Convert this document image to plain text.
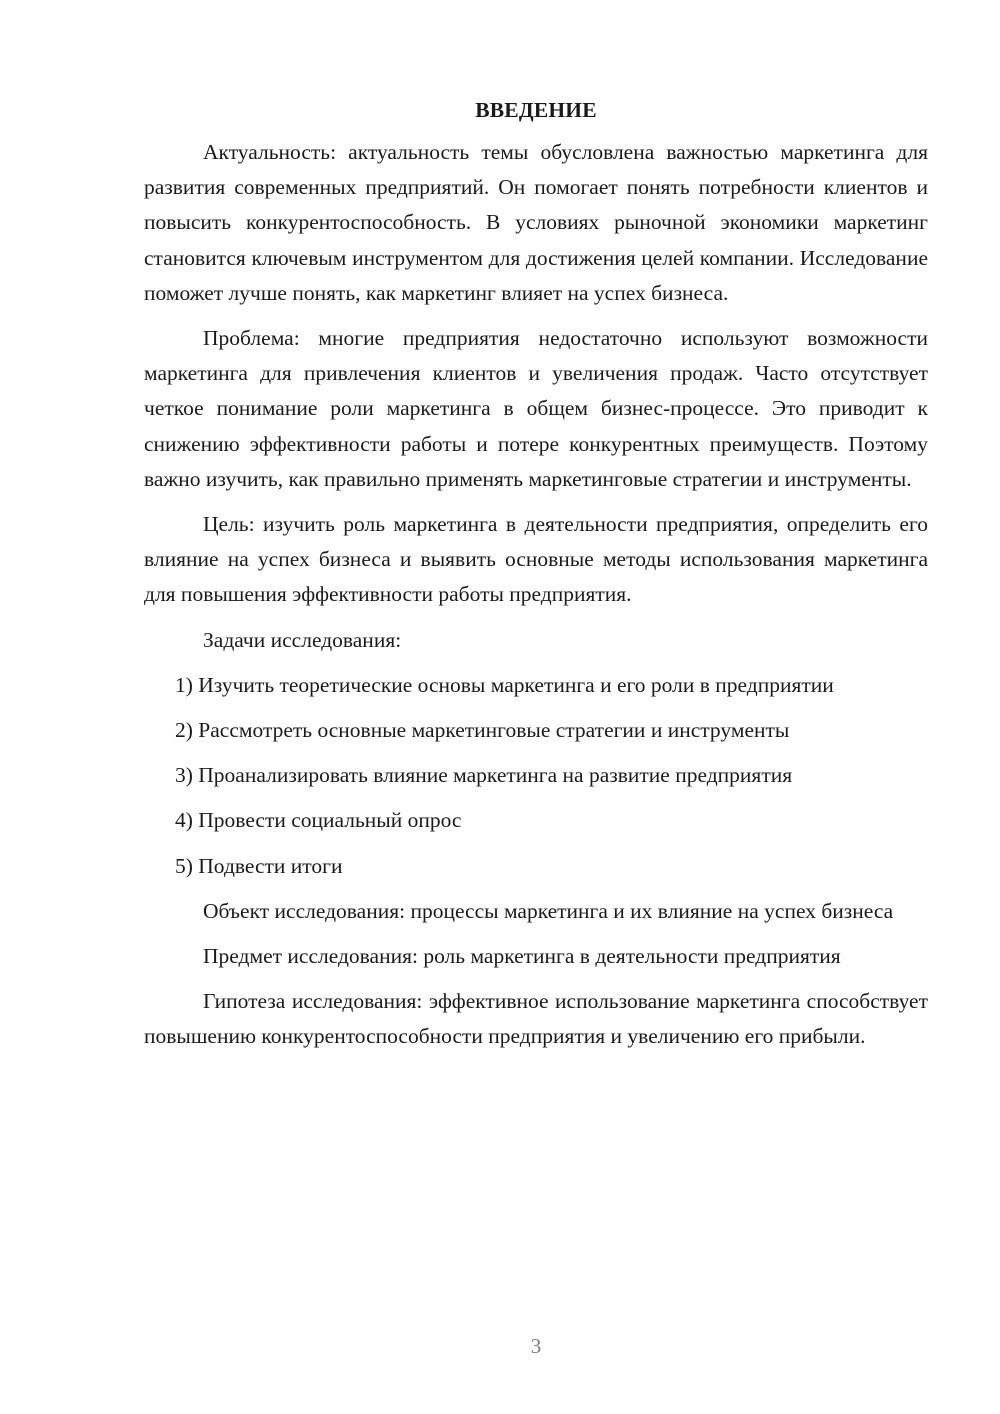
ВВЕДЕНИЕ

Актуальность: актуальность темы обусловлена важностью маркетинга для развития современных предприятий. Он помогает понять потребности клиентов и повысить конкурентоспособность. В условиях рыночной экономики маркетинг становится ключевым инструментом для достижения целей компании. Исследование поможет лучше понять, как маркетинг влияет на успех бизнеса.

Проблема: многие предприятия недостаточно используют возможности маркетинга для привлечения клиентов и увеличения продаж. Часто отсутствует четкое понимание роли маркетинга в общем бизнес-процессе. Это приводит к снижению эффективности работы и потере конкурентных преимуществ. Поэтому важно изучить, как правильно применять маркетинговые стратегии и инструменты.

Цель: изучить роль маркетинга в деятельности предприятия, определить его влияние на успех бизнеса и выявить основные методы использования маркетинга для повышения эффективности работы предприятия.

Задачи исследования:

1) Изучить теоретические основы маркетинга и его роли в предприятии

2) Рассмотреть основные маркетинговые стратегии и инструменты

3) Проанализировать влияние маркетинга на развитие предприятия

4) Провести социальный опрос

5) Подвести итоги

Объект исследования: процессы маркетинга и их влияние на успех бизнеса

Предмет исследования: роль маркетинга в деятельности предприятия

Гипотеза исследования: эффективное использование маркетинга способствует повышению конкурентоспособности предприятия и увеличению его прибыли.

3
